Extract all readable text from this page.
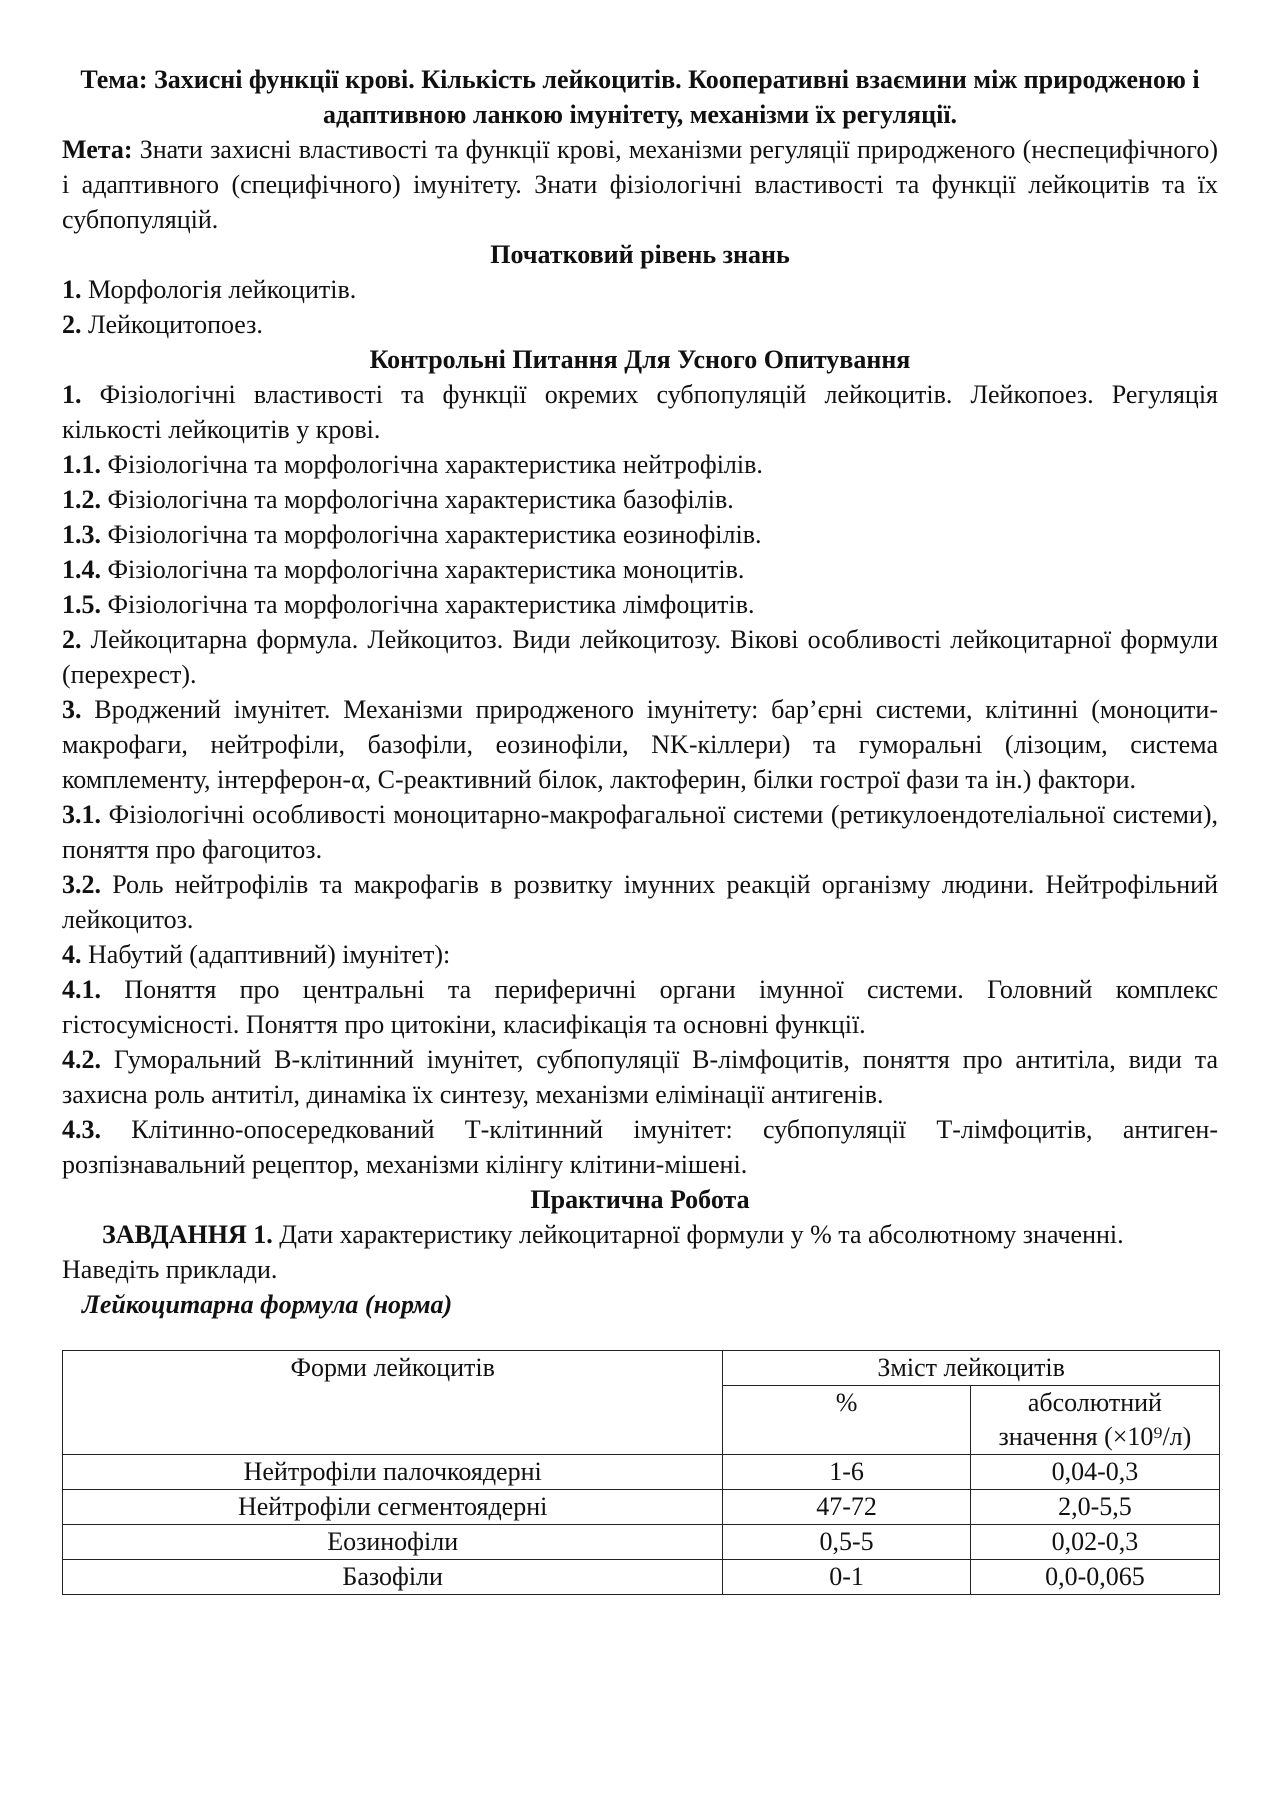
Тема: Захисні функції крові. Кількість лейкоцитів. Кооперативні взаємини між природженою і адаптивною ланкою імунітету, механізми їх регуляції.

Мета: Знати захисні властивості та функції крові, механізми регуляції природженого (неспецифічного) і адаптивного (специфічного) імунітету. Знати фізіологічні властивості та функції лейкоцитів та їх субпопуляцій.

Початковий рівень знань

1. Морфологія лейкоцитів.

2. Лейкоцитопоез.

Контрольні Питання Для Усного Опитування

1. Фізіологічні властивості та функції окремих субпопуляцій лейкоцитів. Лейкопоез. Регуляція кількості лейкоцитів у крові.

1.1. Фізіологічна та морфологічна характеристика нейтрофілів.

1.2. Фізіологічна та морфологічна характеристика базофілів.

1.3. Фізіологічна та морфологічна характеристика еозинофілів.

1.4. Фізіологічна та морфологічна характеристика моноцитів.

1.5. Фізіологічна та морфологічна характеристика лімфоцитів.

2. Лейкоцитарна формула. Лейкоцитоз. Види лейкоцитозу. Вікові особливості лейкоцитарної формули (перехрест).

3. Вроджений імунітет. Механізми природженого імунітету: бар’єрні системи, клітинні (моноцити-макрофаги, нейтрофіли, базофіли, еозинофіли, NK-кіллери) та гуморальні (лізоцим, система комплементу, інтерферон-α, С-реактивний білок, лактоферин, білки гострої фази та ін.) фактори.

3.1. Фізіологічні особливості моноцитарно-макрофагальної системи (ретикулоендотеліальної системи), поняття про фагоцитоз.

3.2. Роль нейтрофілів та макрофагів в розвитку імунних реакцій організму людини. Нейтрофільний лейкоцитоз.

4. Набутий (адаптивний) імунітет):

4.1. Поняття про центральні та периферичні органи імунної системи. Головний комплекс гістосумісності. Поняття про цитокіни, класифікація та основні функції.

4.2. Гуморальний В-клітинний імунітет, субпопуляції В-лімфоцитів, поняття про антитіла, види та захисна роль антитіл, динаміка їх синтезу, механізми елімінації антигенів.

4.3. Клітинно-опосередкований Т-клітинний імунітет: субпопуляції Т-лімфоцитів, антиген-розпізнавальний рецептор, механізми кілінгу клітини-мішені.

Практична Робота

ЗАВДАННЯ 1. Дати характеристику лейкоцитарної формули у % та абсолютному значенні.

Наведіть приклади.

Лейкоцитарна формула (норма)

Форми лейкоцитів	Зміст лейкоцитів	
	%	абсолютний значення (×10⁹/л)
Нейтрофіли палочкоядерні	1-6	0,04-0,3
Нейтрофіли сегментоядерні	47-72	2,0-5,5
Еозинофіли	0,5-5	0,02-0,3
Базофіли	0-1	0,0-0,065
